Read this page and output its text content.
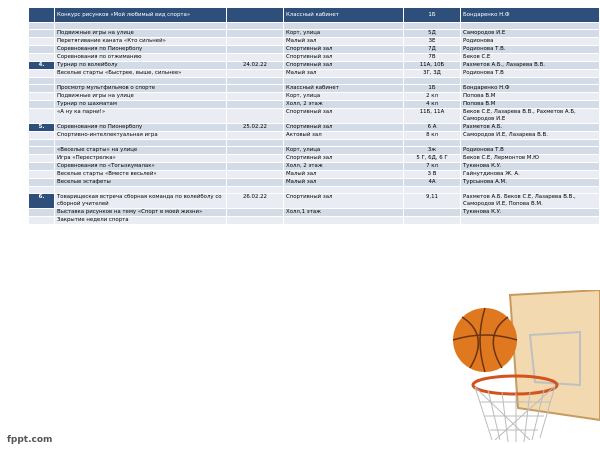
	Конкурс рисунков «Мой любимый вид спорта»		Классный кабинет	1Б	Бондаренко Н.Ф

	Подвижные игры на улице		Корт, улица	5Д	Самородов И.Е
	Перетягивание каната «Кто сильней»		Малый зал	3Е	Родионова
	Соревнования по Пионерболу		Спортивный зал	7Д	Родионова Т.В.
	Соревнования по отжиманию		Спортивный зал	7В	Беков С.Е
4.	Турнир по волейболу	24.02.22	Спортивный зал	11А, 10Б	Рахметов А.Б., Лазарева В.В.
	Веселые старты «Быстрее, выше, сильнее»		Малый зал	3Г, 3Д	Родионова Т.В

	Просмотр мультфильмов о спорте		Классный кабинет	1Б	Бондаренко Н.Ф
	Подвижные игры на улице		Корт, улица	2 кл	Попова В.М
	Турнир по шахматам		Холл, 2 этаж	4 кл	Попова В.М
	«А ну ка парни!»		Спортивный зал	11Б, 11А	Беков С.Е, Лазарева В.В., Рахметов А.Б, Самородов И.Е
5.	Соревнования по Пионерболу	25.02.22	Спортивный зал	6 А	Рахметов А.Б.
	Спортивно-интеллектуальная игра		Актовый зал	8 кл	Самородов И.Е, Лазарева В.В.

	«Веселые старты» на улице		Корт, улица	3ж	Родионова Т.В
	Игра «Перестрелка»		Спортивный зал	5 Г, 6Д, 6 Г	Беков С.Е, Лермонтов М.Ю
	Соревнования по «Тогызкумалак»		Холл, 2 этаж	7 кл	Тукенова К.У.
	Веселые старты «Вместе весьлей»		Малый зал	3 В	Гайнутдинова Ж. А.
	Веселые эстафеты		Малый зал	4А	Турсынова А.М.

6.	Товарищеская встреча сборная команда по волейболу со сборной учителей	26.02.22	Спортивный зал	9,11	Рахметов А.Б. Беков С.Е, Лазарева В.В., Самородов И.Е, Попова В.М.
	Выставка рисунков на тему «Спорт в моей жизни»		Холл,1 этаж		Тукенова К.У.
	Закрытие недели спорта				
fppt.com
